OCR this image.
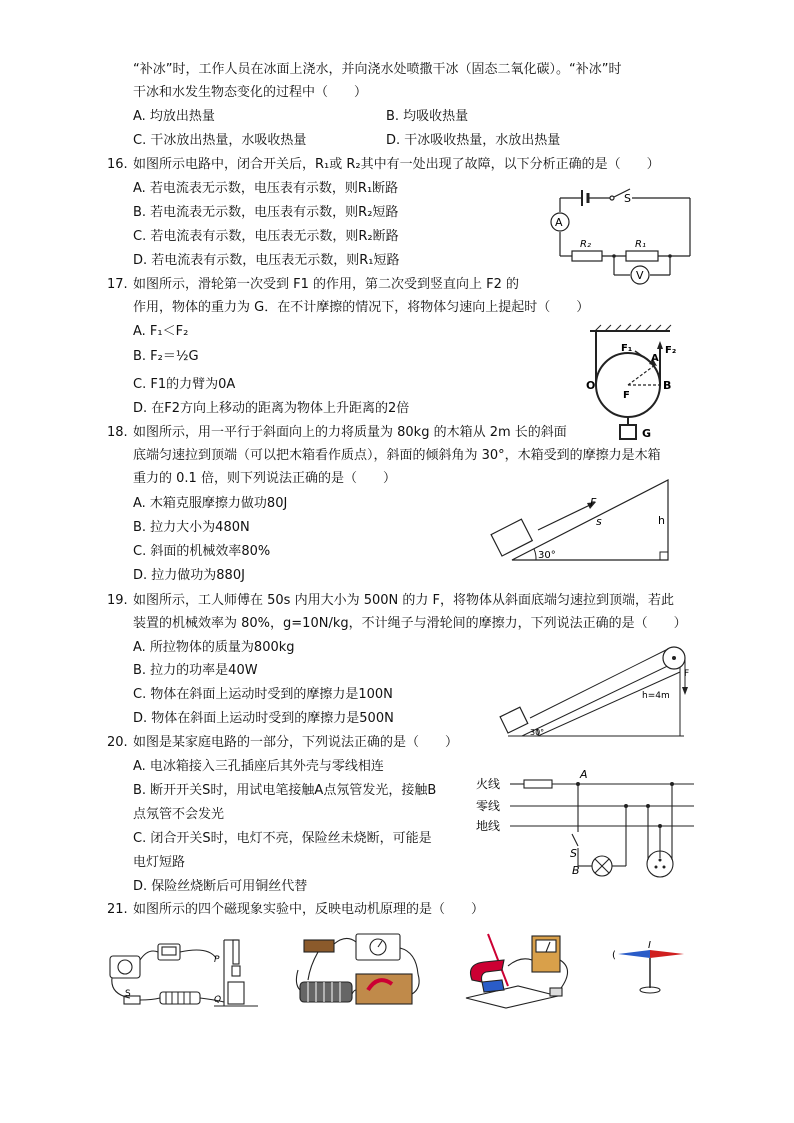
“补冰”时，工作人员在冰面上浇水，并向浇水处喷撒干冰（固态二氧化碳）。“补冰”时
干冰和水发生物态变化的过程中（　　）
A. 均放出热量	B. 均吸收热量
C. 干冰放出热量，水吸收热量	D. 干冰吸收热量，水放出热量
16. 如图所示电路中，闭合开关后，R₁或 R₂其中有一处出现了故障，以下分析正确的是（　　）
A. 若电流表无示数，电压表有示数，则R₁断路
B. 若电流表无示数，电压表有示数，则R₂短路
C. 若电流表有示数，电压表无示数，则R₂断路
D. 若电流表有示数，电压表无示数，则R₁短路
S
A
V
R₂	R₁
17. 如图所示，滑轮第一次受到 F1 的作用，第二次受到竖直向上 F2 的
作用，物体的重力为 G．在不计摩擦的情况下，将物体匀速向上提起时（　　）
A. F₁＜F₂
B. F₂＝½G
C. F1的力臂为0A
D. 在F2方向上移动的距离为物体上升距离的2倍
F₁	F₂
A
O	B
F
G
18. 如图所示，用一平行于斜面向上的力将质量为 80kg 的木箱从 2m 长的斜面
底端匀速拉到顶端（可以把木箱看作质点），斜面的倾斜角为 30°，木箱受到的摩擦力是木箱
重力的 0.1 倍，则下列说法正确的是（　　）
A. 木箱克服摩擦力做功80J
B. 拉力大小为480N
C. 斜面的机械效率80%
D. 拉力做功为880J
F
s	h
30°
19. 如图所示，工人师傅在 50s 内用大小为 500N 的力 F，将物体从斜面底端匀速拉到顶端，若此
装置的机械效率为 80%，g=10N/kg，不计绳子与滑轮间的摩擦力，下列说法正确的是（　　）
A. 所拉物体的质量为800kg
B. 拉力的功率是40W
C. 物体在斜面上运动时受到的摩擦力是100N
D. 物体在斜面上运动时受到的摩擦力是500N
F
h=4m
30°
20. 如图是某家庭电路的一部分，下列说法正确的是（　　）
A. 电冰箱接入三孔插座后其外壳与零线相连
B. 断开开关S时，用试电笔接触A点氖管发光，接触B
点氖管不会发光
C. 闭合开关S时，电灯不亮，保险丝未烧断，可能是
电灯短路
D. 保险丝烧断后可用铜丝代替
火线
零线
地线
A
S
B
21. 如图所示的四个磁现象实验中，反映电动机原理的是（　　）
S
P
Q
(
I
